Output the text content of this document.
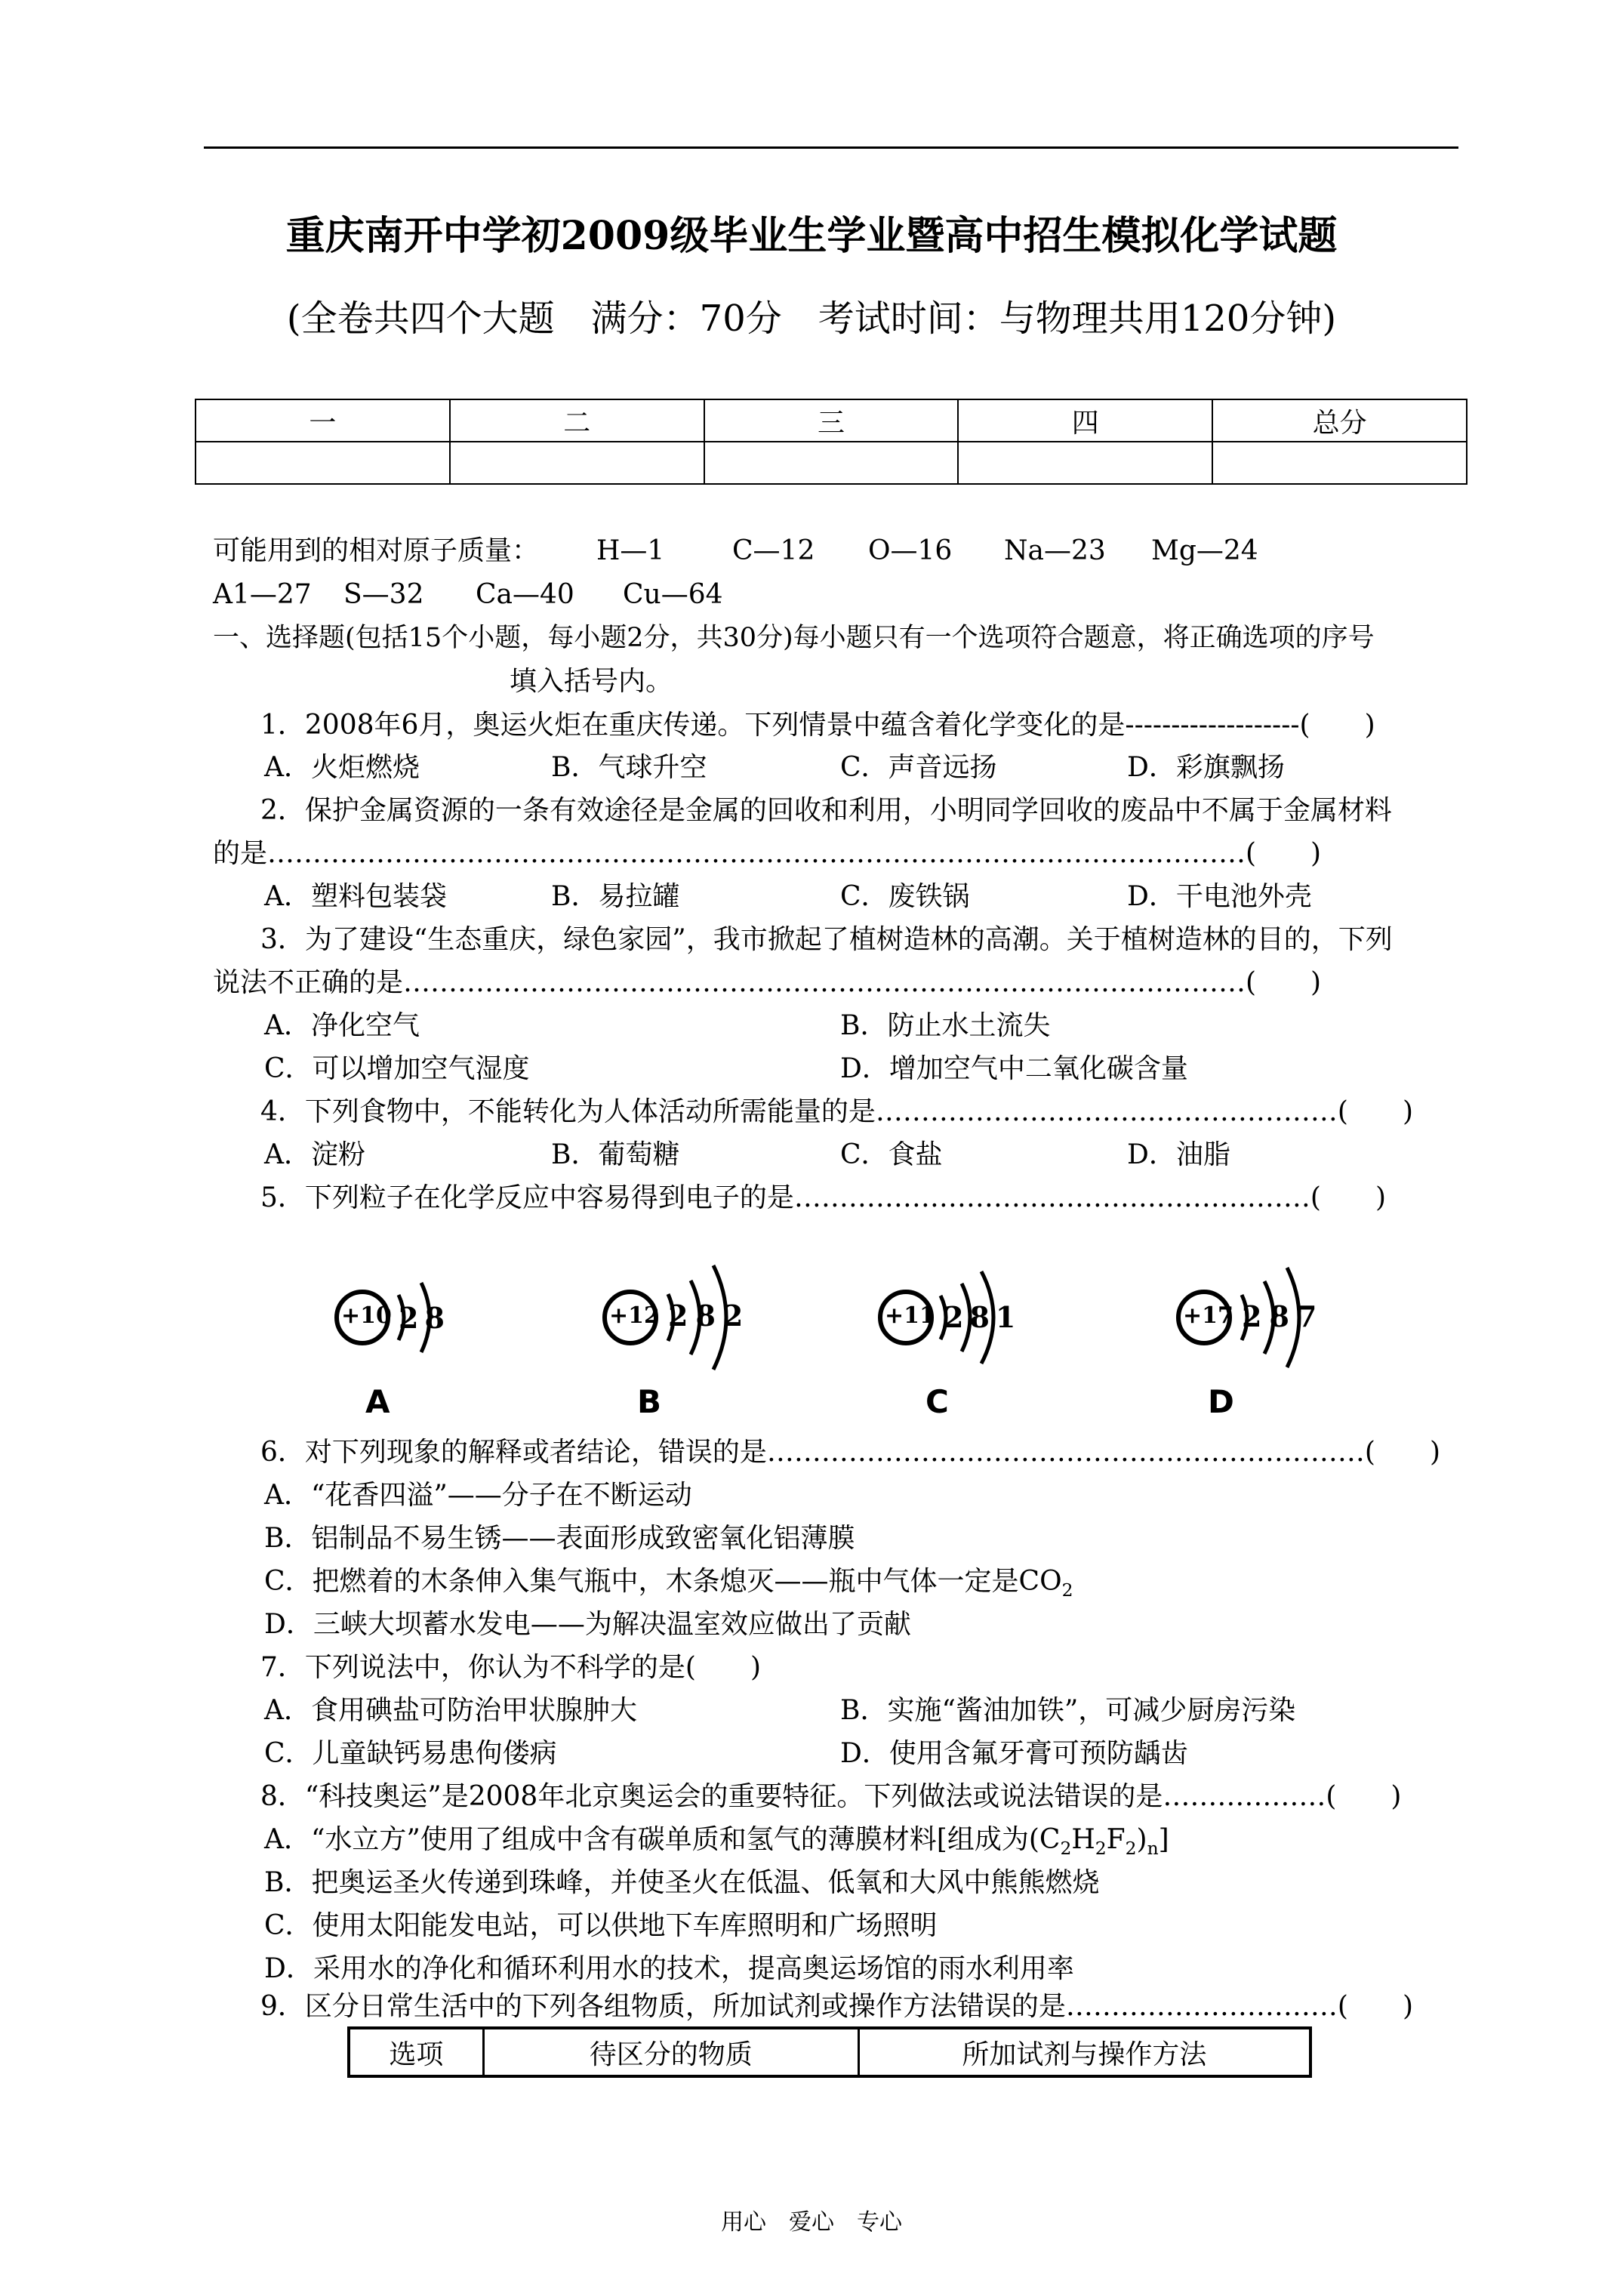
重庆南开中学初2009级毕业生学业暨高中招生模拟化学试题
(全卷共四个大题　满分：70分　考试时间：与物理共用120分钟)
一	二	三	四	总分

可能用到的相对原子质量： H—1 C—12 O—16 Na—23 Mg—24
A1—27 S—32 Ca—40 Cu—64
一、选择题(包括15个小题，每小题2分，共30分)每小题只有一个选项符合题意，将正确选项的序号
填入括号内。
1．2008年6月，奥运火炬在重庆传递。下列情景中蕴含着化学变化的是-------------------(　　)
A．火炬燃烧	B．气球升空	C．声音远扬	D．彩旗飘扬
2．保护金属资源的一条有效途径是金属的回收和利用，小明同学回收的废品中不属于金属材料
的是………………………………………………………………………………………………(　　)
A．塑料包装袋	B．易拉罐	C．废铁锅	D．干电池外壳
3．为了建设“生态重庆，绿色家园”，我市掀起了植树造林的高潮。关于植树造林的目的，下列
说法不正确的是…………………………………………………………………………………(　　)
A．净化空气	B．防止水土流失
C．可以增加空气湿度	D．增加空气中二氧化碳含量
4．下列食物中，不能转化为人体活动所需能量的是……………………………………………(　　)
A．淀粉	B．葡萄糖	C．食盐	D．油脂
5．下列粒子在化学反应中容易得到电子的是…………………………………………………(　　)
+10 28
A
+12 282
B
+11 281
C
+17 287
D
6．对下列现象的解释或者结论，错误的是…………………………………………………………(　　)
A．“花香四溢”——分子在不断运动
B．铝制品不易生锈——表面形成致密氧化铝薄膜
C．把燃着的木条伸入集气瓶中，木条熄灭——瓶中气体一定是$CO_2$
D．三峡大坝蓄水发电——为解决温室效应做出了贡献
7．下列说法中，你认为不科学的是(　　)
A．食用碘盐可防治甲状腺肿大	B．实施“酱油加铁”，可减少厨房污染
C．儿童缺钙易患佝偻病	D．使用含氟牙膏可预防龋齿
8．“科技奥运”是2008年北京奥运会的重要特征。下列做法或说法错误的是………………(　　)
A．“水立方”使用了组成中含有碳单质和氢气的薄膜材料[组成为$(C_2H_2F_2)_n$]
B．把奥运圣火传递到珠峰，并使圣火在低温、低氧和大风中熊熊燃烧
C．使用太阳能发电站，可以供地下车库照明和广场照明
D．采用水的净化和循环利用水的技术，提高奥运场馆的雨水利用率
9．区分日常生活中的下列各组物质，所加试剂或操作方法错误的是…………………………(　　)
选项	待区分的物质	所加试剂与操作方法
用心　爱心　专心
